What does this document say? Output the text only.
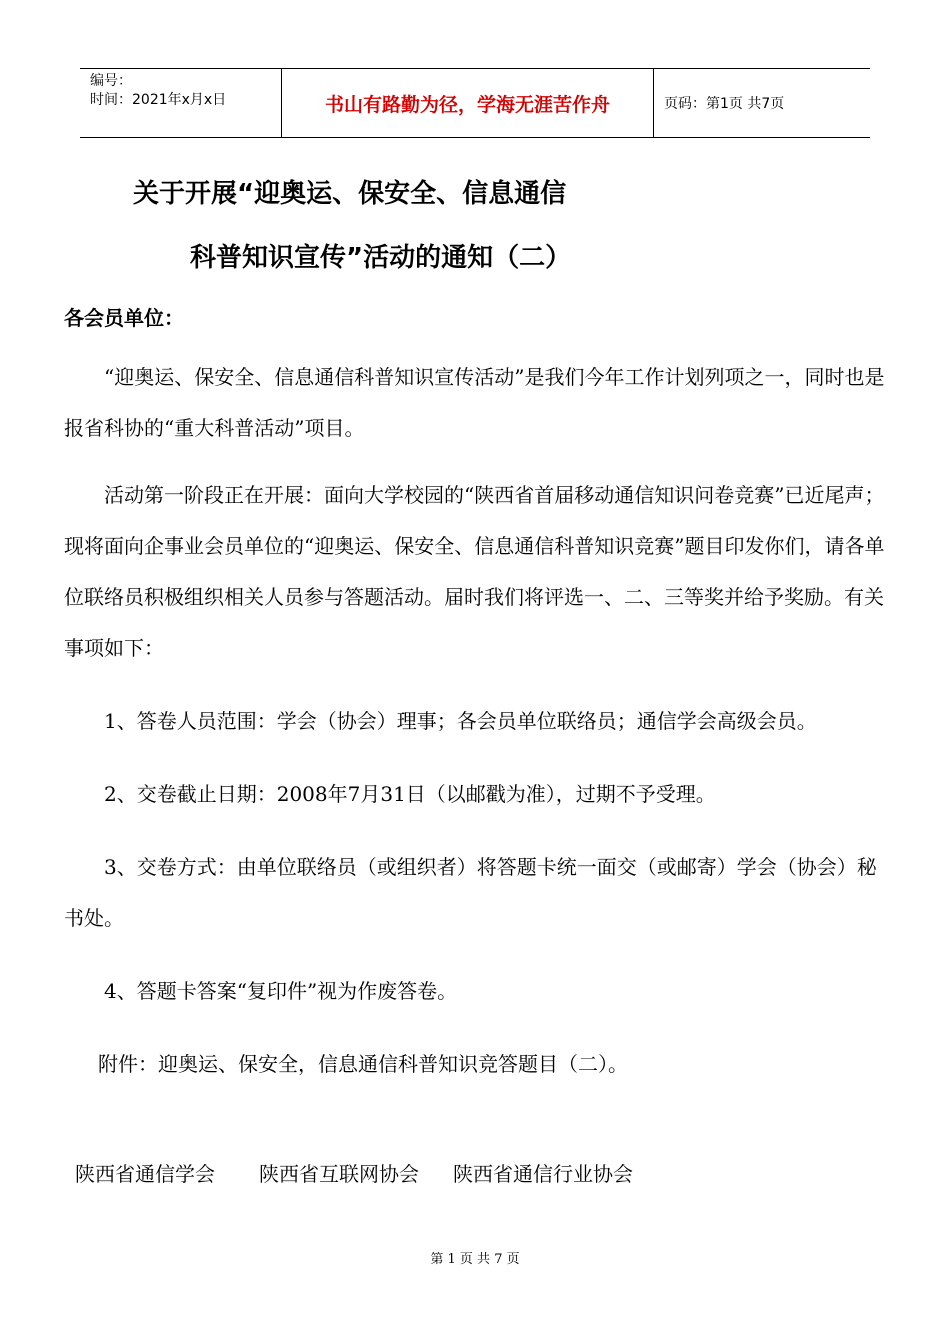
编号：
时间：2021年x月x日	书山有路勤为径，学海无涯苦作舟	页码：第1页 共7页
关于开展“迎奥运、保安全、信息通信
科普知识宣传”活动的通知（二）
各会员单位：

“迎奥运、保安全、信息通信科普知识宣传活动”是我们今年工作计划列项之一，同时也是报省科协的“重大科普活动”项目。

活动第一阶段正在开展：面向大学校园的“陕西省首届移动通信知识问卷竞赛”已近尾声；现将面向企事业会员单位的“迎奥运、保安全、信息通信科普知识竞赛”题目印发你们，请各单位联络员积极组织相关人员参与答题活动。届时我们将评选一、二、三等奖并给予奖励。有关事项如下：

1、答卷人员范围：学会（协会）理事；各会员单位联络员；通信学会高级会员。

2、交卷截止日期：2008年7月31日（以邮戳为准），过期不予受理。

3、交卷方式：由单位联络员（或组织者）将答题卡统一面交（或邮寄）学会（协会）秘书处。

4、答题卡答案“复印件”视为作废答卷。

附件：迎奥运、保安全，信息通信科普知识竞答题目（二）。

陕西省通信学会 陕西省互联网协会 陕西省通信行业协会
第 1 页 共 7 页
